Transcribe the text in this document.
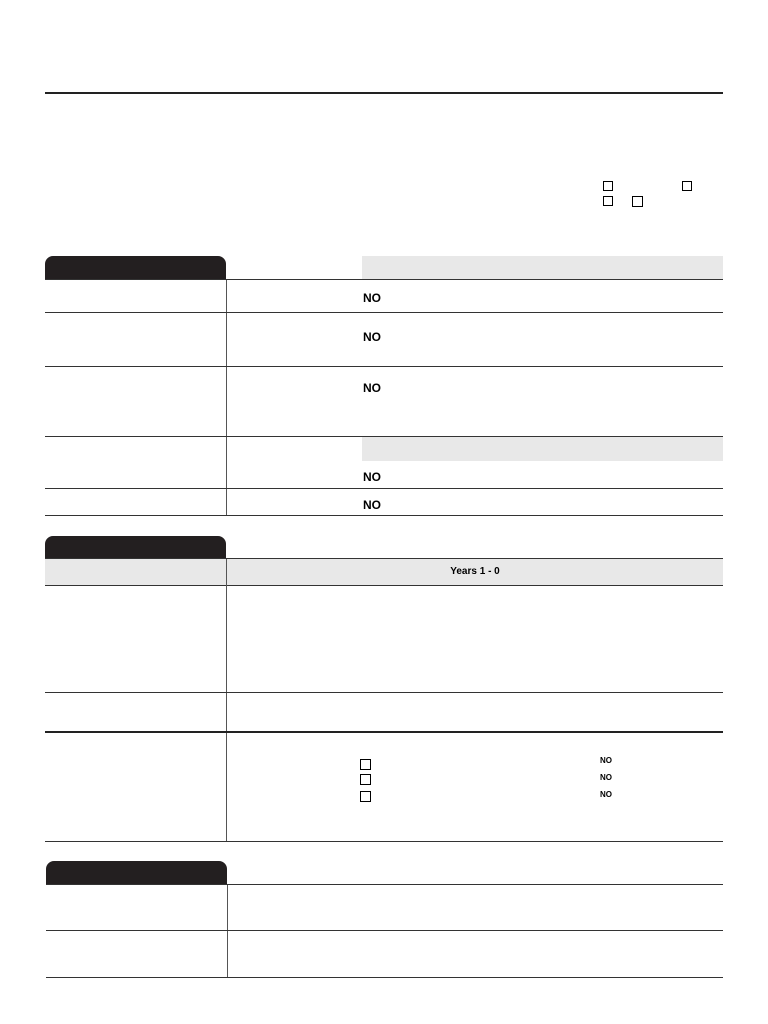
NO
NO
NO
NO
NO
Years 1 - 0
NO
NO
NO
